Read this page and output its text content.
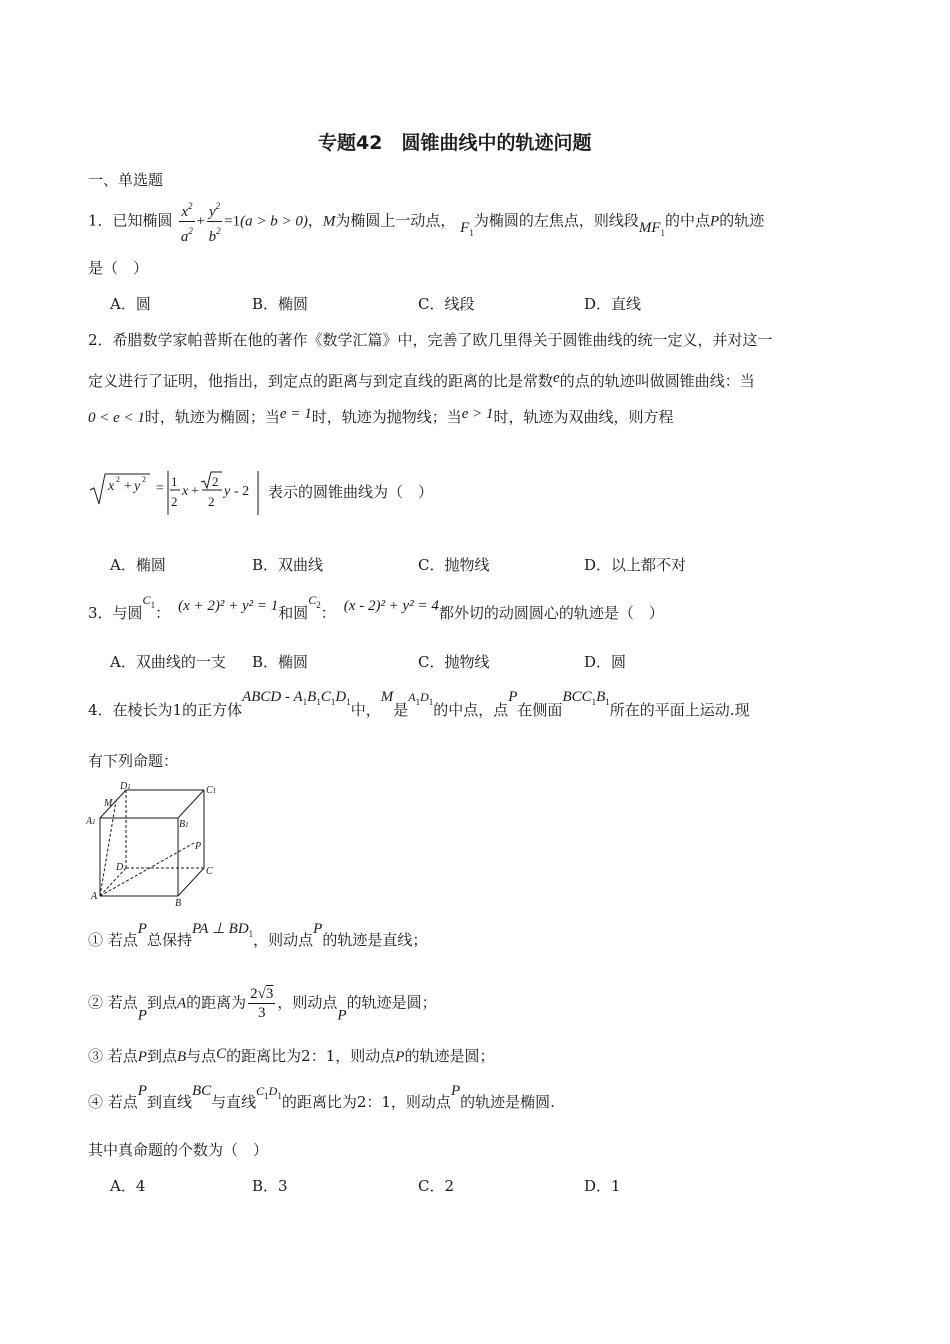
专题42　圆锥曲线中的轨迹问题
一、单选题
1．已知椭圆 $\frac{x^2}{a^2} + \frac{y^2}{b^2} =1(a > b > 0)$，M为椭圆上一动点， $F_1$为椭圆的左焦点，则线段$MF_1$的中点P的轨迹
是（　）
A．圆	B．椭圆	C．线段	D．直线
2．希腊数学家帕普斯在他的著作《数学汇篇》中，完善了欧几里得关于圆锥曲线的统一定义，并对这一
定义进行了证明，他指出，到定点的距离与到定直线的距离的比是常数e的点的轨迹叫做圆锥曲线：当
0 < e < 1时，轨迹为椭圆；当e = 1时，轨迹为抛物线；当e > 1时，轨迹为双曲线，则方程
x 2 + y 2
= 1
2
x +
2
2
y - 2 表示的圆锥曲线为（　）
A．椭圆	B．双曲线	C．抛物线	D．以上都不对
3．与圆$^{C_1}$： (x + 2)² + y² = 1和圆$^{C_2}$： (x - 2)² + y² = 4都外切的动圆圆心的轨迹是（　）
A．双曲线的一支 B．椭圆	C．抛物线	D．圆
4．在棱长为1的正方体ABCD - $A_1B_1C_1D_1$中，M是$A_1D_1$的中点，点P在侧面$BCC_1B_1$所在的平面上运动.现
有下列命题：
D1	C1
M
A1	B1
P
D	C
A
B
① 若点P总保持PA ⊥ $BD_1$，则动点P的轨迹是直线；
② 若点P到点A的距离为 $\frac{2√3}{3}$ ，则动点P的轨迹是圆；
③ 若点P到点B与点C的距离比为2：1，则动点P的轨迹是圆；
④ 若点P到直线BC与直线$C_1D_1$的距离比为2：1，则动点P的轨迹是椭圆.
其中真命题的个数为（　）
A．4	B．3	C．2	D．1
